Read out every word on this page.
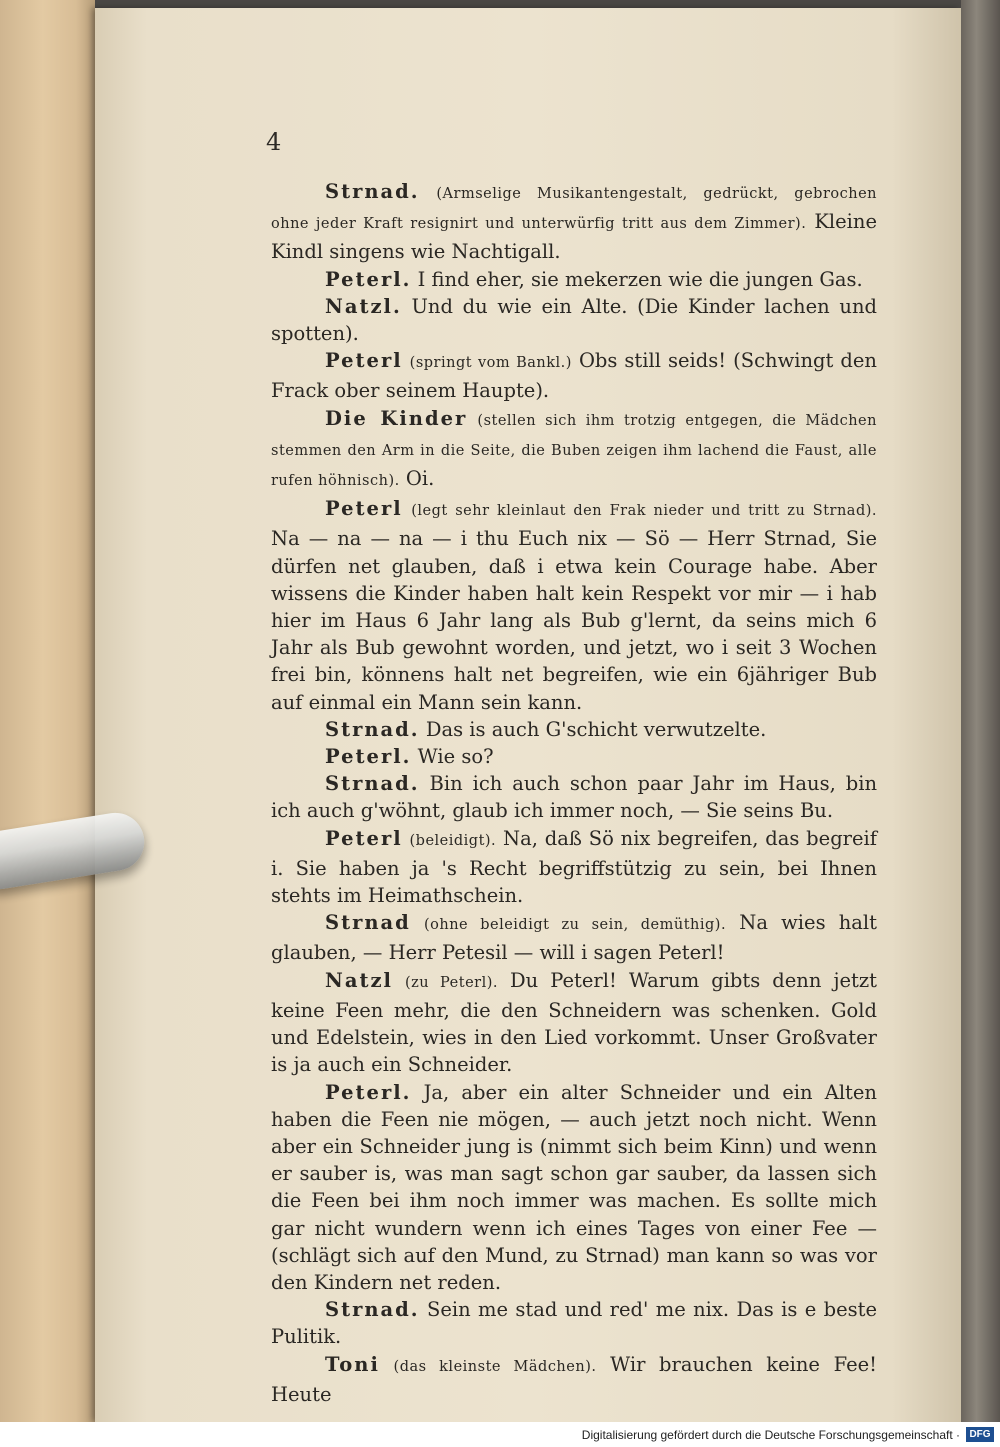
4

Strnad. (Armselige Musikantengestalt, gedrückt, gebrochen ohne jeder Kraft resignirt und unterwürfig tritt aus dem Zimmer). Kleine Kindl singens wie Nachtigall.

Peterl. I find eher, sie mekerzen wie die jungen Gas.

Natzl. Und du wie ein Alte. (Die Kinder lachen und spotten).

Peterl (springt vom Bankl.) Obs still seids! (Schwingt den Frack ober seinem Haupte).

Die Kinder (stellen sich ihm trotzig entgegen, die Mädchen stemmen den Arm in die Seite, die Buben zeigen ihm lachend die Faust, alle rufen höhnisch). Oi.

Peterl (legt sehr kleinlaut den Frak nieder und tritt zu Strnad). Na — na — na — i thu Euch nix — Sö — Herr Strnad, Sie dürfen net glauben, daß i etwa kein Courage habe. Aber wissens die Kinder haben halt kein Respekt vor mir — i hab hier im Haus 6 Jahr lang als Bub g'lernt, da seins mich 6 Jahr als Bub gewohnt worden, und jetzt, wo i seit 3 Wochen frei bin, könnens halt net begreifen, wie ein 6jähriger Bub auf einmal ein Mann sein kann.

Strnad. Das is auch G'schicht verwutzelte.

Peterl. Wie so?

Strnad. Bin ich auch schon paar Jahr im Haus, bin ich auch g'wöhnt, glaub ich immer noch, — Sie seins Bu.

Peterl (beleidigt). Na, daß Sö nix begreifen, das begreif i. Sie haben ja 's Recht begriffstützig zu sein, bei Ihnen stehts im Heimathschein.

Strnad (ohne beleidigt zu sein, demüthig). Na wies halt glauben, — Herr Petesil — will i sagen Peterl!

Natzl (zu Peterl). Du Peterl! Warum gibts denn jetzt keine Feen mehr, die den Schneidern was schenken. Gold und Edelstein, wies in den Lied vorkommt. Unser Großvater is ja auch ein Schneider.

Peterl. Ja, aber ein alter Schneider und ein Alten haben die Feen nie mögen, — auch jetzt noch nicht. Wenn aber ein Schneider jung is (nimmt sich beim Kinn) und wenn er sauber is, was man sagt schon gar sauber, da lassen sich die Feen bei ihm noch immer was machen. Es sollte mich gar nicht wundern wenn ich eines Tages von einer Fee — (schlägt sich auf den Mund, zu Strnad) man kann so was vor den Kindern net reden.

Strnad. Sein me stad und red' me nix. Das is e beste Pulitik.

Toni (das kleinste Mädchen). Wir brauchen keine Fee! Heute

Digitalisierung gefördert durch die Deutsche Forschungsgemeinschaft · DFG
